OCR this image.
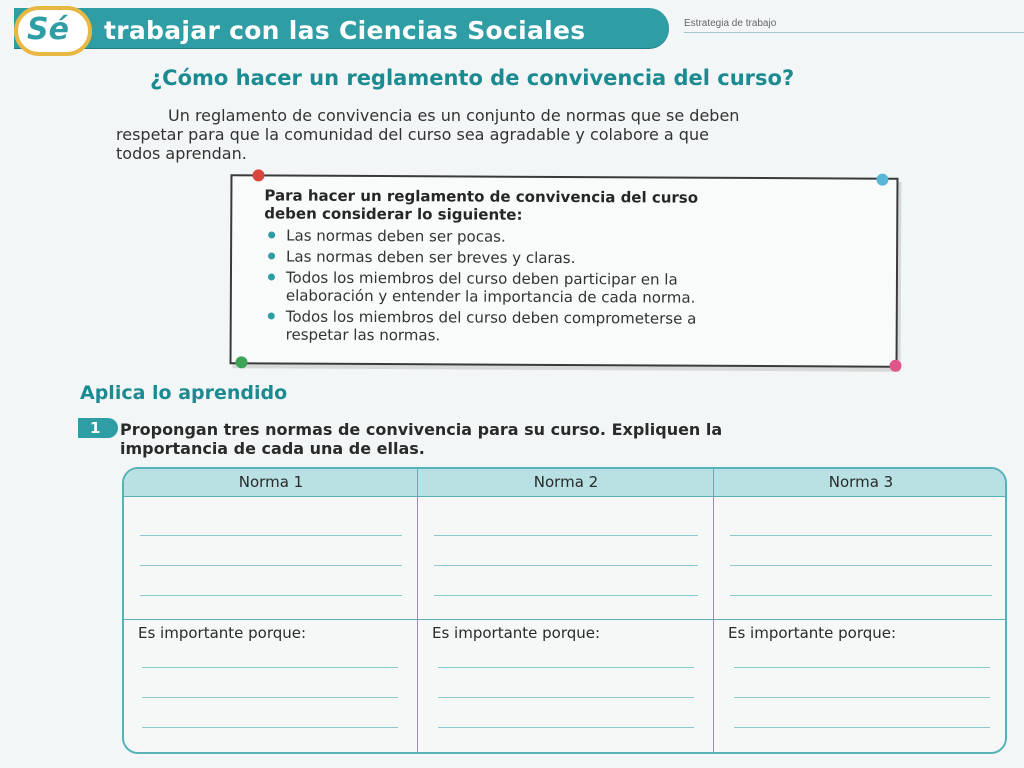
Sé trabajar con las Ciencias Sociales	Estrategia de trabajo
¿Cómo hacer un reglamento de convivencia del curso?
Un reglamento de convivencia es un conjunto de normas que se deben
respetar para que la comunidad del curso sea agradable y colabore a que
todos aprendan.
Para hacer un reglamento de convivencia del curso
deben considerar lo siguiente:
Las normas deben ser pocas.
Las normas deben ser breves y claras.
Todos los miembros del curso deben participar en la
elaboración y entender la importancia de cada norma.
Todos los miembros del curso deben comprometerse a
respetar las normas.
Aplica lo aprendido
1 Propongan tres normas de convivencia para su curso. Expliquen la
importancia de cada una de ellas.
Norma 1	Norma 2	Norma 3
Es importante porque:	Es importante porque:	Es importante porque:
